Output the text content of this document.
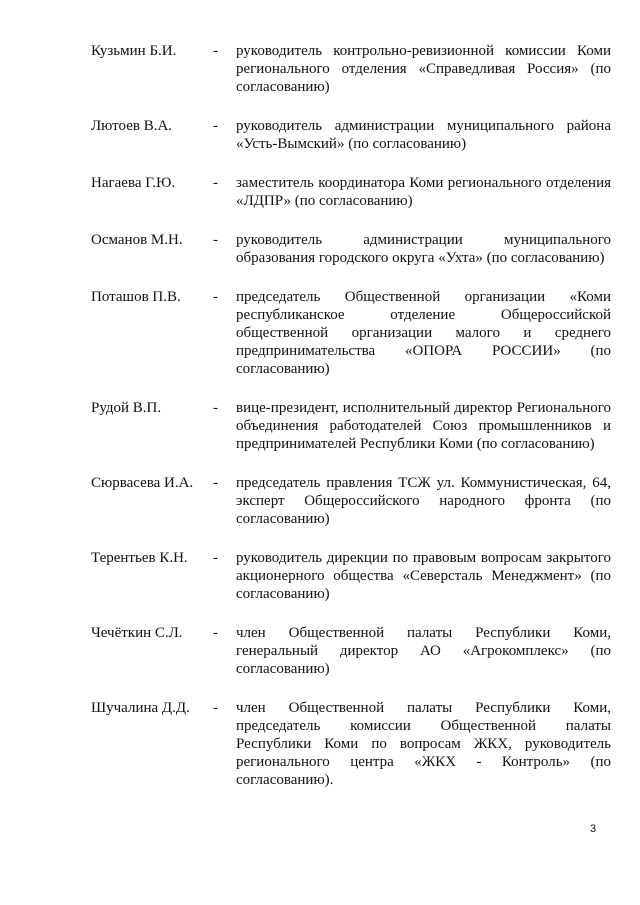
Кузьмин Б.И.	-	руководитель контрольно-ревизионной комиссии Коми регионального отделения «Справедливая Россия» (по согласованию)
Лютоев В.А.	-	руководитель администрации муниципального района «Усть-Вымский» (по согласованию)
Нагаева Г.Ю.	-	заместитель координатора Коми регионального отделения «ЛДПР» (по согласованию)
Османов М.Н.	-	руководитель администрации муниципального образования городского округа «Ухта» (по согласованию)
Поташов П.В.	-	председатель Общественной организации «Коми республиканское отделение Общероссийской общественной организации малого и среднего предпринимательства «ОПОРА РОССИИ» (по согласованию)
Рудой В.П.	-	вице-президент, исполнительный директор Регионального объединения работодателей Союз промышленников и предпринимателей Республики Коми (по согласованию)
Сюрвасева И.А.	-	председатель правления ТСЖ ул. Коммунистическая, 64, эксперт Общероссийского народного фронта (по согласованию)
Терентьев К.Н.	-	руководитель дирекции по правовым вопросам закрытого акционерного общества «Северсталь Менеджмент» (по согласованию)
Чечёткин С.Л.	-	член Общественной палаты Республики Коми, генеральный директор АО «Агрокомплекс» (по согласованию)
Шучалина Д.Д.	-	член Общественной палаты Республики Коми, председатель комиссии Общественной палаты Республики Коми по вопросам ЖКХ, руководитель регионального центра «ЖКХ - Контроль» (по согласованию).
3
